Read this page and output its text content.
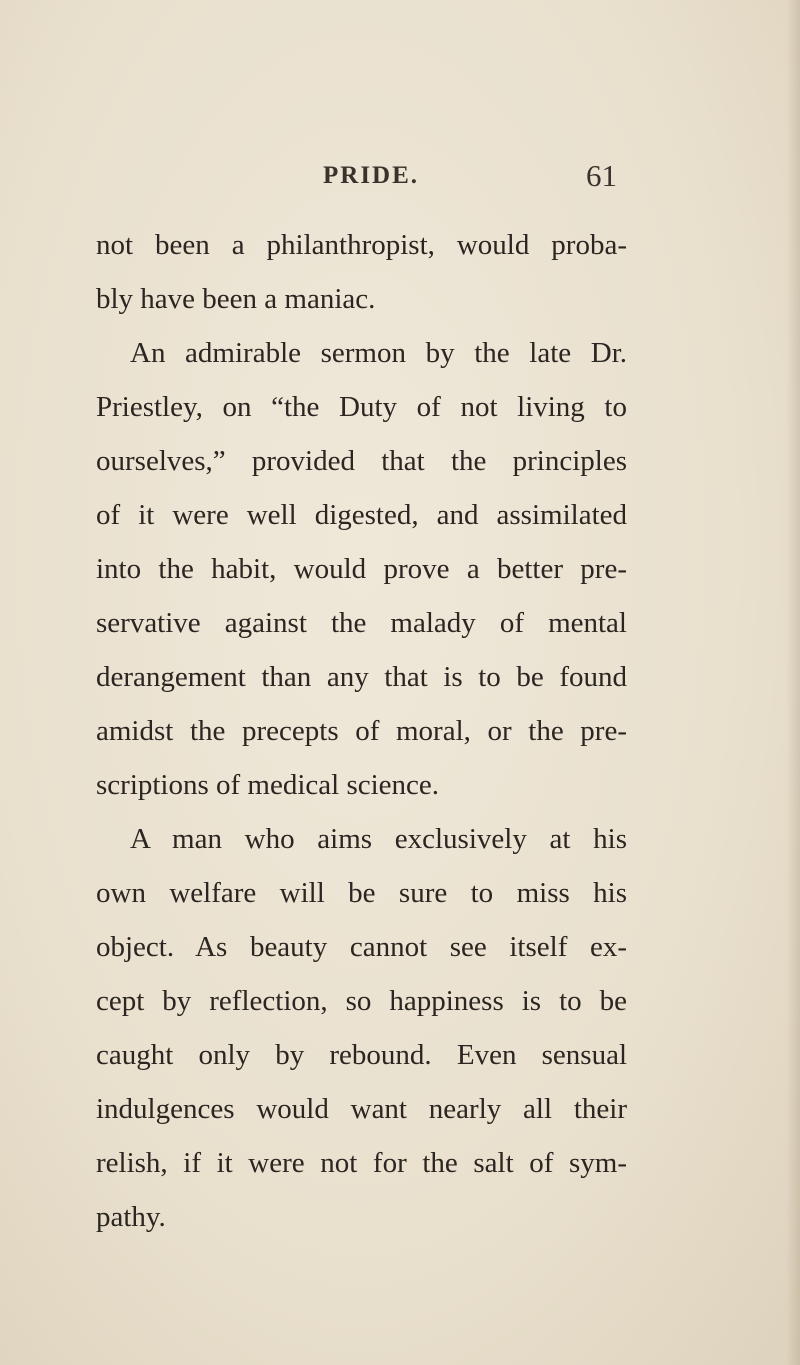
PRIDE.	61
not been a philanthropist, would proba-
bly have been a maniac.
An admirable sermon by the late Dr.
Priestley, on “the Duty of not living to
ourselves,” provided that the principles
of it were well digested, and assimilated
into the habit, would prove a better pre-
servative against the malady of mental
derangement than any that is to be found
amidst the precepts of moral, or the pre-
scriptions of medical science.
A man who aims exclusively at his
own welfare will be sure to miss his
object. As beauty cannot see itself ex-
cept by reflection, so happiness is to be
caught only by rebound. Even sensual
indulgences would want nearly all their
relish, if it were not for the salt of sym-
pathy.
